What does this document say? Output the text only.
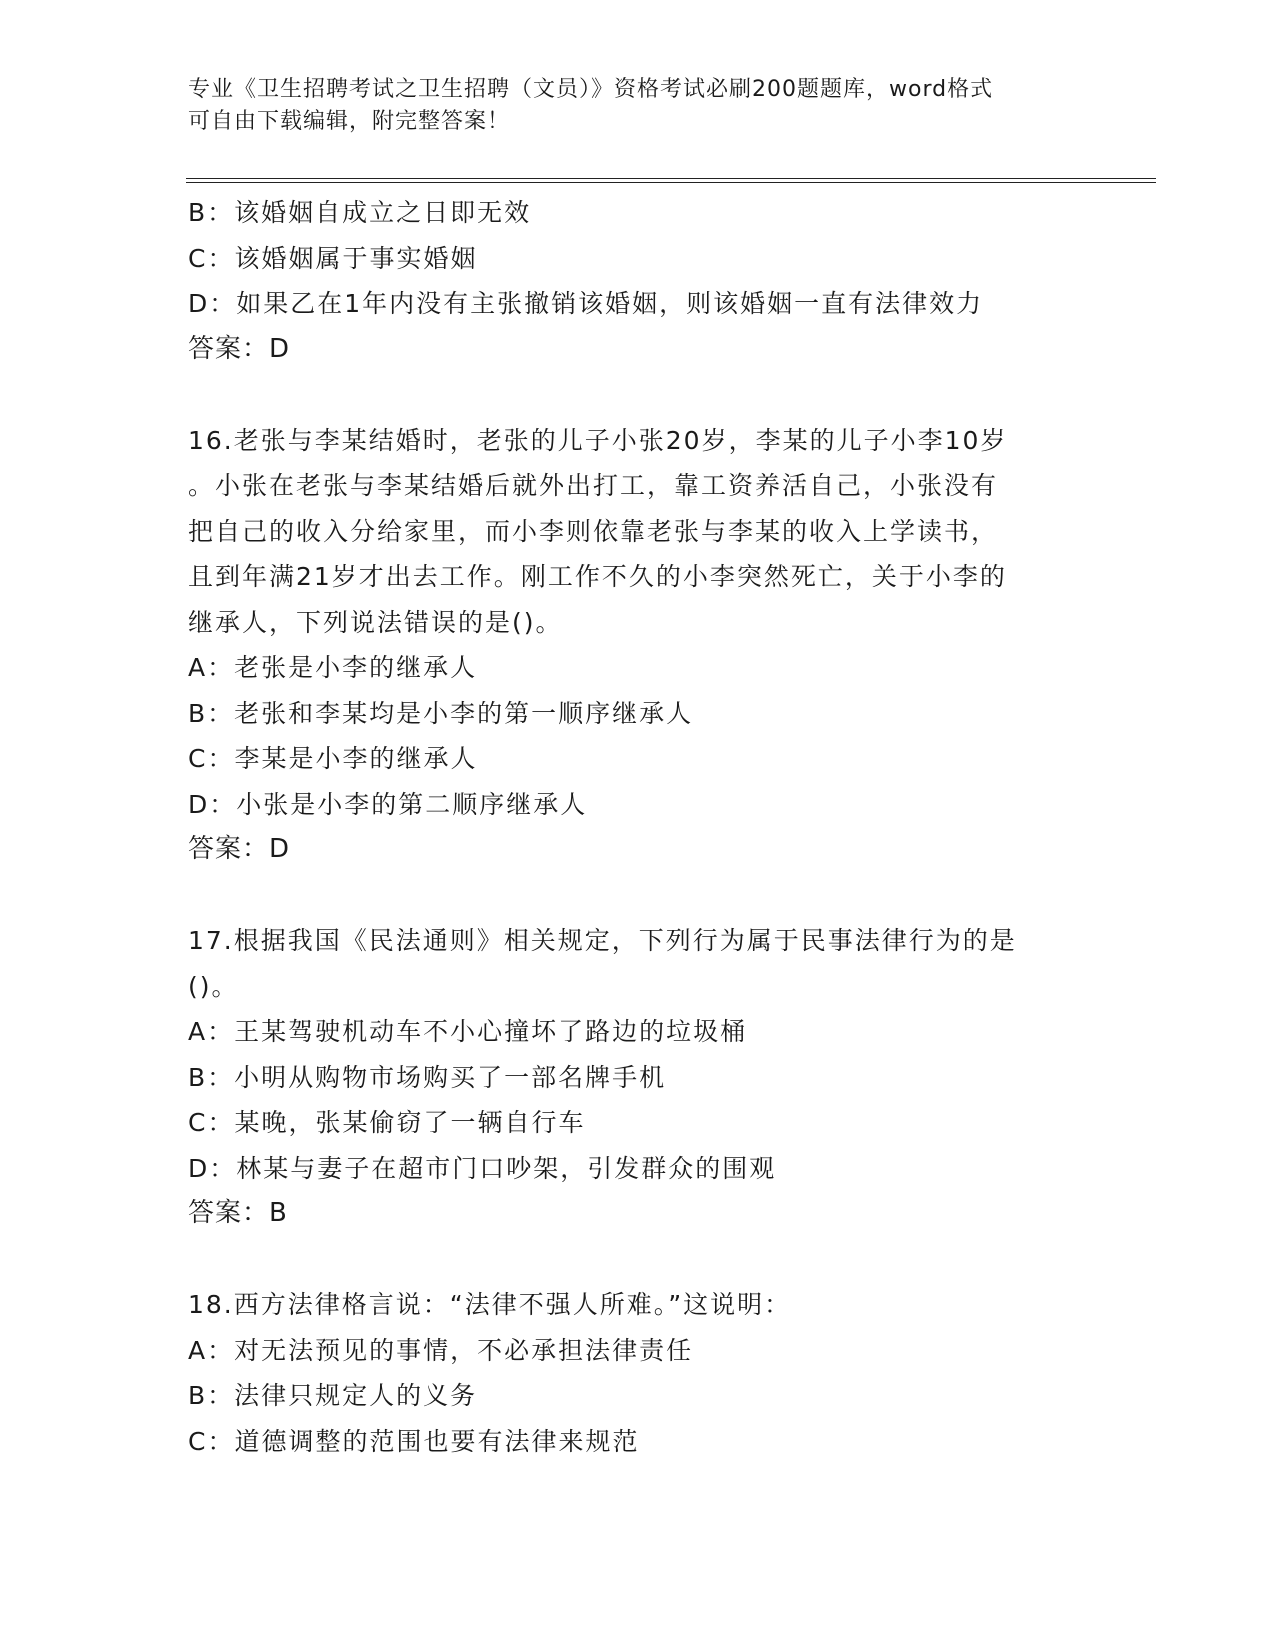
专业《卫生招聘考试之卫生招聘（文员）》资格考试必刷200题题库，word格式
可自由下载编辑，附完整答案！
B：该婚姻自成立之日即无效
C：该婚姻属于事实婚姻
D：如果乙在1年内没有主张撤销该婚姻，则该婚姻一直有法律效力
答案：D
16.老张与李某结婚时，老张的儿子小张20岁，李某的儿子小李10岁
。小张在老张与李某结婚后就外出打工，靠工资养活自己，小张没有
把自己的收入分给家里，而小李则依靠老张与李某的收入上学读书，
且到年满21岁才出去工作。刚工作不久的小李突然死亡，关于小李的
继承人，下列说法错误的是()。
A：老张是小李的继承人
B：老张和李某均是小李的第一顺序继承人
C：李某是小李的继承人
D：小张是小李的第二顺序继承人
答案：D
17.根据我国《民法通则》相关规定，下列行为属于民事法律行为的是
()。
A：王某驾驶机动车不小心撞坏了路边的垃圾桶
B：小明从购物市场购买了一部名牌手机
C：某晚，张某偷窃了一辆自行车
D：林某与妻子在超市门口吵架，引发群众的围观
答案：B
18.西方法律格言说：“法律不强人所难。”这说明：
A：对无法预见的事情，不必承担法律责任
B：法律只规定人的义务
C：道德调整的范围也要有法律来规范
